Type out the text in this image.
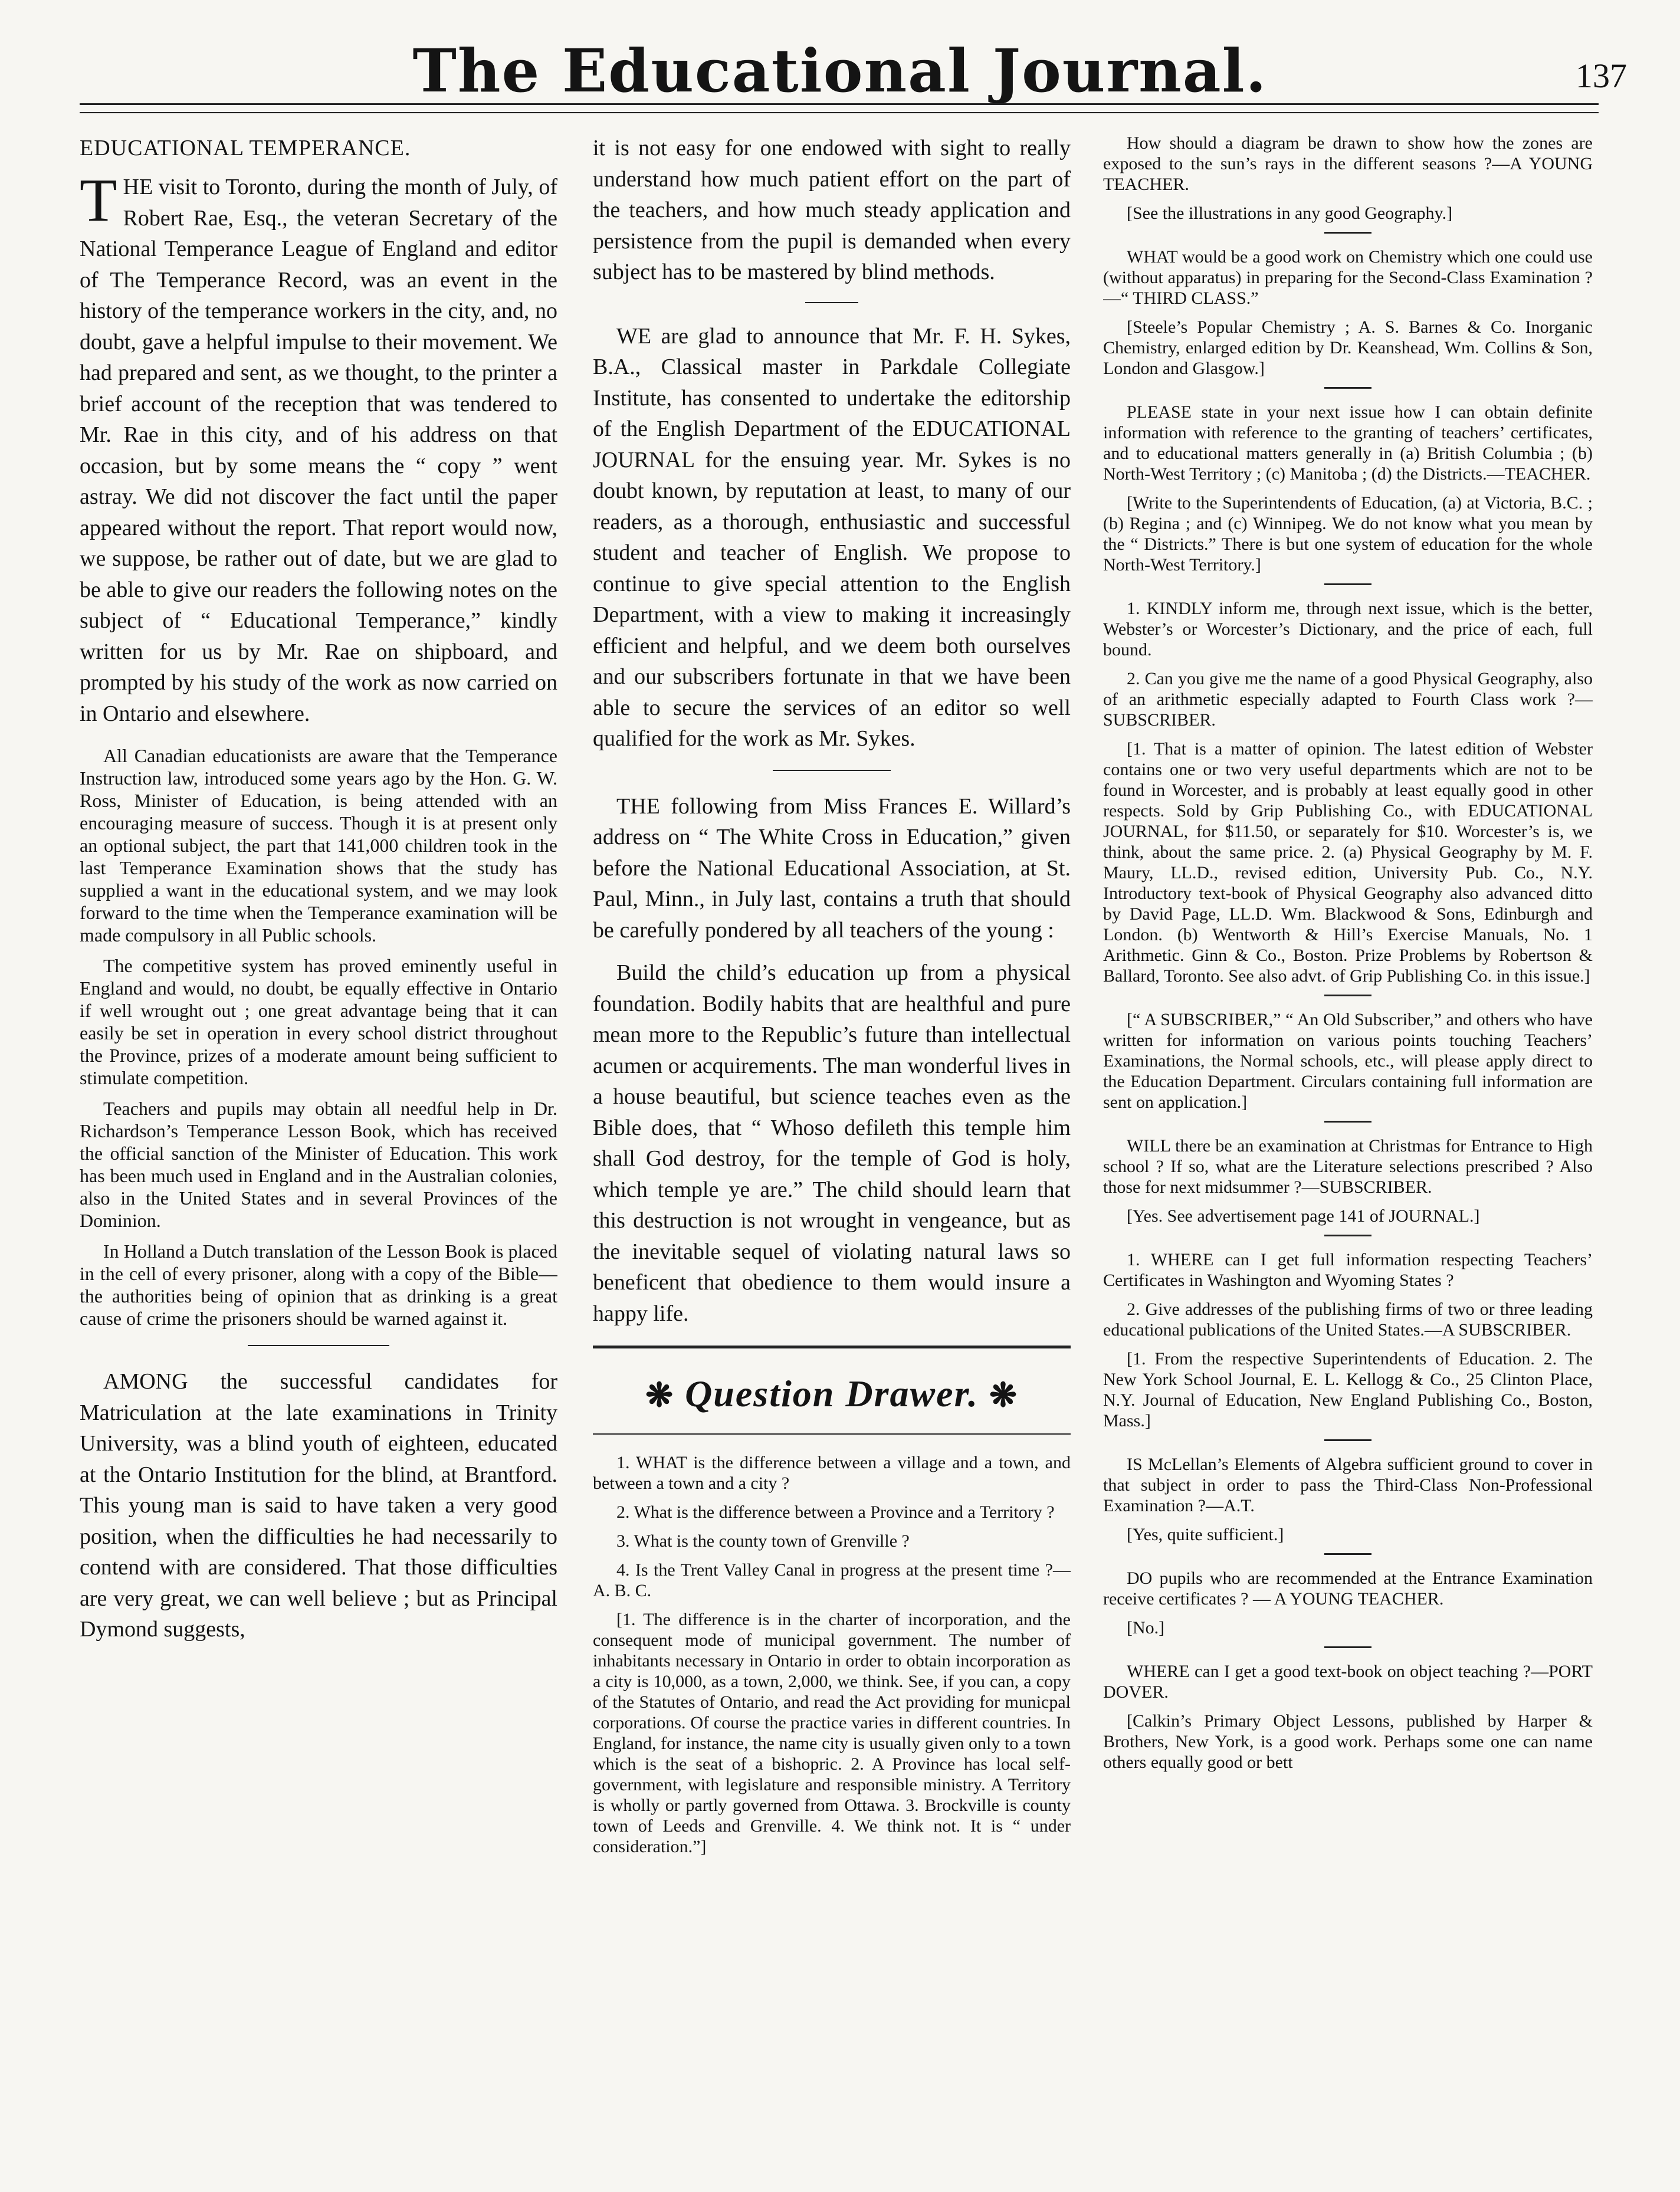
The Educational Journal.	137

EDUCATIONAL TEMPERANCE.

THE visit to Toronto, during the month of July, of Robert Rae, Esq., the veteran Secretary of the National Temperance League of England and editor of The Temperance Record, was an event in the history of the temperance workers in the city, and, no doubt, gave a helpful impulse to their movement. We had prepared and sent, as we thought, to the printer a brief account of the reception that was tendered to Mr. Rae in this city, and of his address on that occasion, but by some means the “ copy ” went astray. We did not discover the fact until the paper appeared without the report. That report would now, we suppose, be rather out of date, but we are glad to be able to give our readers the following notes on the subject of “ Educational Temperance,” kindly written for us by Mr. Rae on shipboard, and prompted by his study of the work as now carried on in Ontario and elsewhere.

All Canadian educationists are aware that the Temperance Instruction law, introduced some years ago by the Hon. G. W. Ross, Minister of Education, is being attended with an encouraging measure of success. Though it is at present only an optional subject, the part that 141,000 children took in the last Temperance Examination shows that the study has supplied a want in the educational system, and we may look forward to the time when the Temperance examination will be made compulsory in all Public schools.

The competitive system has proved eminently useful in England and would, no doubt, be equally effective in Ontario if well wrought out ; one great advantage being that it can easily be set in operation in every school district throughout the Province, prizes of a moderate amount being sufficient to stimulate competition.

Teachers and pupils may obtain all needful help in Dr. Richardson’s Temperance Lesson Book, which has received the official sanction of the Minister of Education. This work has been much used in England and in the Australian colonies, also in the United States and in several Provinces of the Dominion.

In Holland a Dutch translation of the Lesson Book is placed in the cell of every prisoner, along with a copy of the Bible— the authorities being of opinion that as drinking is a great cause of crime the prisoners should be warned against it.

AMONG the successful candidates for Matriculation at the late examinations in Trinity University, was a blind youth of eighteen, educated at the Ontario Institution for the blind, at Brantford. This young man is said to have taken a very good position, when the difficulties he had necessarily to contend with are considered. That those difficulties are very great, we can well believe ; but as Principal Dymond suggests,

it is not easy for one endowed with sight to really understand how much patient effort on the part of the teachers, and how much steady application and persistence from the pupil is demanded when every subject has to be mastered by blind methods.

WE are glad to announce that Mr. F. H. Sykes, B.A., Classical master in Parkdale Collegiate Institute, has consented to undertake the editorship of the English Department of the EDUCATIONAL JOURNAL for the ensuing year. Mr. Sykes is no doubt known, by reputation at least, to many of our readers, as a thorough, enthusiastic and successful student and teacher of English. We propose to continue to give special attention to the English Department, with a view to making it increasingly efficient and helpful, and we deem both ourselves and our subscribers fortunate in that we have been able to secure the services of an editor so well qualified for the work as Mr. Sykes.

THE following from Miss Frances E. Willard’s address on “ The White Cross in Education,” given before the National Educational Association, at St. Paul, Minn., in July last, contains a truth that should be carefully pondered by all teachers of the young :

Build the child’s education up from a physical foundation. Bodily habits that are healthful and pure mean more to the Republic’s future than intellectual acumen or acquirements. The man wonderful lives in a house beautiful, but science teaches even as the Bible does, that “ Whoso defileth this temple him shall God destroy, for the temple of God is holy, which temple ye are.” The child should learn that this destruction is not wrought in vengeance, but as the inevitable sequel of violating natural laws so beneficent that obedience to them would insure a happy life.

❋ Question Drawer. ❋

1. WHAT is the difference between a village and a town, and between a town and a city ?

2. What is the difference between a Province and a Territory ?

3. What is the county town of Grenville ?

4. Is the Trent Valley Canal in progress at the present time ?—A. B. C.

[1. The difference is in the charter of incorporation, and the consequent mode of municipal government. The number of inhabitants necessary in Ontario in order to obtain incorporation as a city is 10,000, as a town, 2,000, we think. See, if you can, a copy of the Statutes of Ontario, and read the Act providing for municpal corporations. Of course the practice varies in different countries. In England, for instance, the name city is usually given only to a town which is the seat of a bishopric. 2. A Province has local self-government, with legislature and responsible ministry. A Territory is wholly or partly governed from Ottawa. 3. Brockville is county town of Leeds and Grenville. 4. We think not. It is “ under consideration.”]

How should a diagram be drawn to show how the zones are exposed to the sun’s rays in the different seasons ?—A YOUNG TEACHER.

[See the illustrations in any good Geography.]

WHAT would be a good work on Chemistry which one could use (without apparatus) in preparing for the Second-Class Examination ?—“ THIRD CLASS.”

[Steele’s Popular Chemistry ; A. S. Barnes & Co. Inorganic Chemistry, enlarged edition by Dr. Keanshead, Wm. Collins & Son, London and Glasgow.]

PLEASE state in your next issue how I can obtain definite information with reference to the granting of teachers’ certificates, and to educational matters generally in (a) British Columbia ; (b) North-West Territory ; (c) Manitoba ; (d) the Districts.—TEACHER.

[Write to the Superintendents of Education, (a) at Victoria, B.C. ; (b) Regina ; and (c) Winnipeg. We do not know what you mean by the “ Districts.” There is but one system of education for the whole North-West Territory.]

1. KINDLY inform me, through next issue, which is the better, Webster’s or Worcester’s Dictionary, and the price of each, full bound.

2. Can you give me the name of a good Physical Geography, also of an arithmetic especially adapted to Fourth Class work ?—SUBSCRIBER.

[1. That is a matter of opinion. The latest edition of Webster contains one or two very useful departments which are not to be found in Worcester, and is probably at least equally good in other respects. Sold by Grip Publishing Co., with EDUCATIONAL JOURNAL, for $11.50, or separately for $10. Worcester’s is, we think, about the same price. 2. (a) Physical Geography by M. F. Maury, LL.D., revised edition, University Pub. Co., N.Y. Introductory text-book of Physical Geography also advanced ditto by David Page, LL.D. Wm. Blackwood & Sons, Edinburgh and London. (b) Wentworth & Hill’s Exercise Manuals, No. 1 Arithmetic. Ginn & Co., Boston. Prize Problems by Robertson & Ballard, Toronto. See also advt. of Grip Publishing Co. in this issue.]

[“ A SUBSCRIBER,” “ An Old Subscriber,” and others who have written for information on various points touching Teachers’ Examinations, the Normal schools, etc., will please apply direct to the Education Department. Circulars containing full information are sent on application.]

WILL there be an examination at Christmas for Entrance to High school ? If so, what are the Literature selections prescribed ? Also those for next midsummer ?—SUBSCRIBER.

[Yes. See advertisement page 141 of JOURNAL.]

1. WHERE can I get full information respecting Teachers’ Certificates in Washington and Wyoming States ?

2. Give addresses of the publishing firms of two or three leading educational publications of the United States.—A SUBSCRIBER.

[1. From the respective Superintendents of Education. 2. The New York School Journal, E. L. Kellogg & Co., 25 Clinton Place, N.Y. Journal of Education, New England Publishing Co., Boston, Mass.]

IS McLellan’s Elements of Algebra sufficient ground to cover in that subject in order to pass the Third-Class Non-Professional Examination ?—A.T.

[Yes, quite sufficient.]

DO pupils who are recommended at the Entrance Examination receive certificates ? — A YOUNG TEACHER.

[No.]

WHERE can I get a good text-book on object teaching ?—PORT DOVER.

[Calkin’s Primary Object Lessons, published by Harper & Brothers, New York, is a good work. Perhaps some one can name others equally good or bett
